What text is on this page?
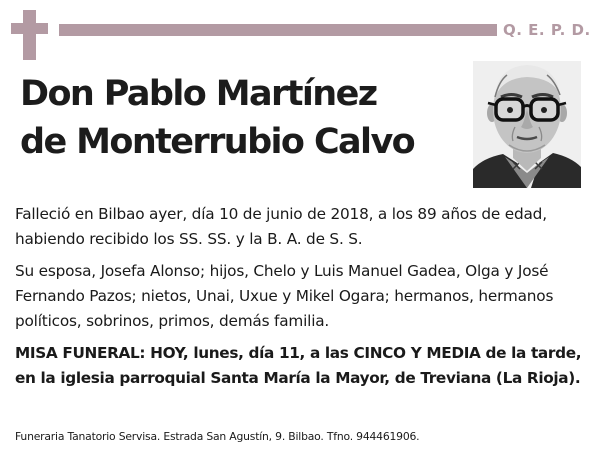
Q. E. P. D.
Don Pablo Martínez
de Monterrubio Calvo

Falleció en Bilbao ayer, día 10 de junio de 2018, a los 89 años de edad, habiendo recibido los SS. SS. y la B. A. de S. S.

Su esposa, Josefa Alonso; hijos, Chelo y Luis Manuel Gadea, Olga y José Fernando Pazos; nietos, Unai, Uxue y Mikel Ogara; hermanos, hermanos políticos, sobrinos, primos, demás familia.

MISA FUNERAL: HOY, lunes, día 11, a las CINCO Y MEDIA de la tarde, en la iglesia parroquial Santa María la Mayor, de Treviana (La Rioja).

Funeraria Tanatorio Servisa. Estrada San Agustín, 9. Bilbao. Tfno. 944461906.
